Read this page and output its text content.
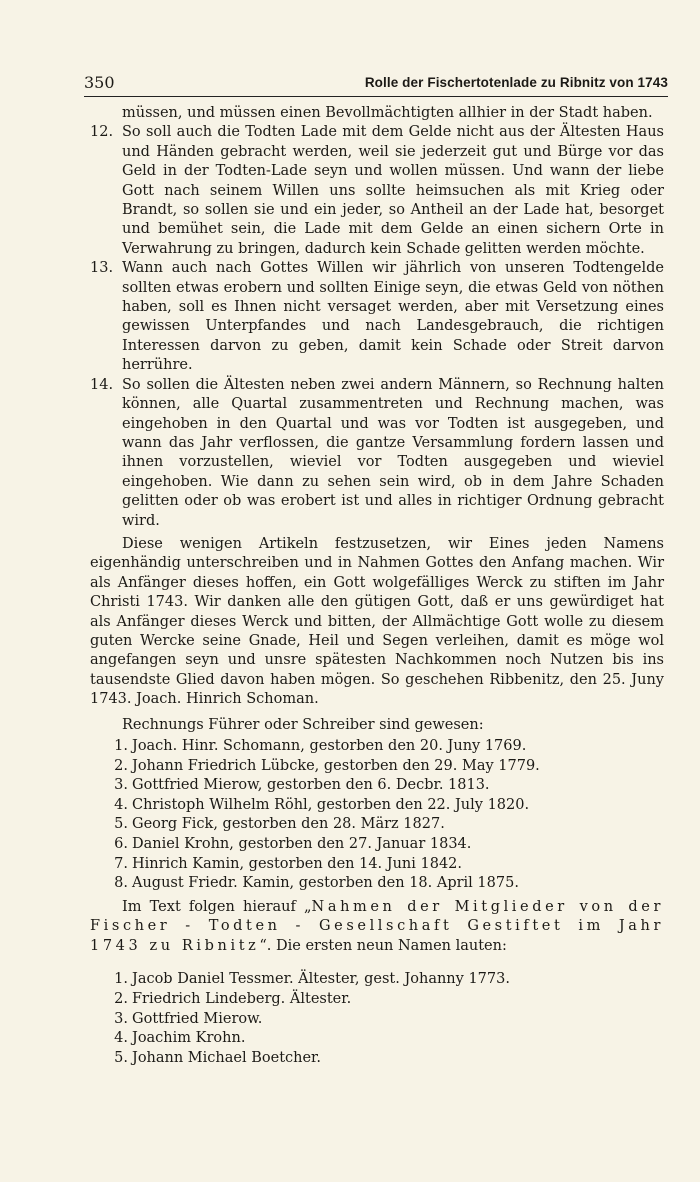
350	Rolle der Fischertotenlade zu Ribnitz von 1743

müssen, und müssen einen Bevollmächtigten allhier in der Stadt haben.

12. So soll auch die Todten Lade mit dem Gelde nicht aus der Ältesten Haus und Händen gebracht werden, weil sie jederzeit gut und Bürge vor das Geld in der Todten-Lade seyn und wollen müssen. Und wann der liebe Gott nach seinem Willen uns sollte heimsuchen als mit Krieg oder Brandt, so sollen sie und ein jeder, so Antheil an der Lade hat, besorget und bemühet sein, die Lade mit dem Gelde an einen sichern Orte in Verwahrung zu bringen, dadurch kein Schade gelitten werden möchte.
13. Wann auch nach Gottes Willen wir jährlich von unseren Todtengelde sollten etwas erobern und sollten Einige seyn, die etwas Geld von nöthen haben, soll es Ihnen nicht versaget werden, aber mit Versetzung eines gewissen Unterpfandes und nach Landesgebrauch, die richtigen Interessen darvon zu geben, damit kein Schade oder Streit darvon herrühre.
14. So sollen die Ältesten neben zwei andern Männern, so Rechnung halten können, alle Quartal zusammentreten und Rechnung machen, was eingehoben in den Quartal und was vor Todten ist ausgegeben, und wann das Jahr verflossen, die gantze Versammlung fordern lassen und ihnen vorzustellen, wieviel vor Todten ausgegeben und wieviel eingehoben. Wie dann zu sehen sein wird, ob in dem Jahre Schaden gelitten oder ob was erobert ist und alles in richtiger Ordnung gebracht wird.

Diese wenigen Artikeln festzusetzen, wir Eines jeden Namens eigenhändig unterschreiben und in Nahmen Gottes den Anfang machen. Wir als Anfänger dieses hoffen, ein Gott wolgefälliges Werck zu stiften im Jahr Christi 1743. Wir danken alle den gütigen Gott, daß er uns gewürdiget hat als Anfänger dieses Werck und bitten, der Allmächtige Gott wolle zu diesem guten Wercke seine Gnade, Heil und Segen verleihen, damit es möge wol angefangen seyn und unsre spätesten Nachkommen noch Nutzen bis ins tausendste Glied davon haben mögen. So geschehen Ribbenitz, den 25. Juny 1743. Joach. Hinrich Schoman.

Rechnungs Führer oder Schreiber sind gewesen:

1. Joach. Hinr. Schomann, gestorben den 20. Juny 1769.
2. Johann Friedrich Lübcke, gestorben den 29. May 1779.
3. Gottfried Mierow, gestorben den 6. Decbr. 1813.
4. Christoph Wilhelm Röhl, gestorben den 22. July 1820.
5. Georg Fick, gestorben den 28. März 1827.
6. Daniel Krohn, gestorben den 27. Januar 1834.
7. Hinrich Kamin, gestorben den 14. Juni 1842.
8. August Friedr. Kamin, gestorben den 18. April 1875.

Im Text folgen hierauf „Nahmen der Mitglieder von der Fischer - Todten - Gesellschaft Gestiftet im Jahr 1743 zu Ribnitz“. Die ersten neun Namen lauten:

1. Jacob Daniel Tessmer. Ältester, gest. Johanny 1773.
2. Friedrich Lindeberg. Ältester.
3. Gottfried Mierow.
4. Joachim Krohn.
5. Johann Michael Boetcher.
